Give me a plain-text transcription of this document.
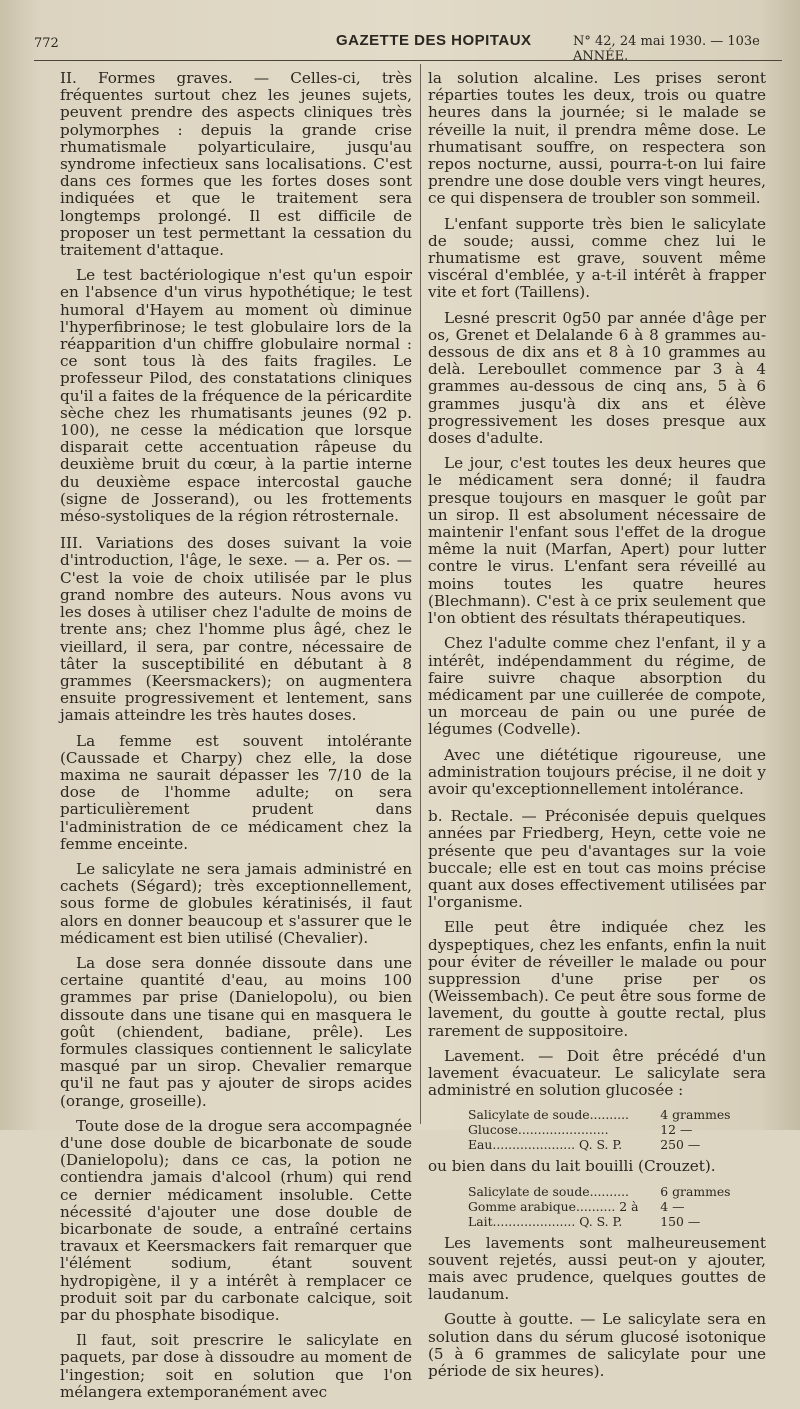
772	GAZETTE DES HOPITAUX	N° 42, 24 mai 1930. — 103e ANNÉE.

II. Formes graves. — Celles-ci, très fréquentes surtout chez les jeunes sujets, peuvent prendre des aspects cliniques très polymorphes : depuis la grande crise rhumatismale polyarticulaire, jusqu'au syndrome infectieux sans localisations. C'est dans ces formes que les fortes doses sont indiquées et que le traitement sera longtemps prolongé. Il est difficile de proposer un test permettant la cessation du traitement d'attaque.

Le test bactériologique n'est qu'un espoir en l'absence d'un virus hypothétique; le test humoral d'Hayem au moment où diminue l'hyperfibrinose; le test globulaire lors de la réapparition d'un chiffre globulaire normal : ce sont tous là des faits fragiles. Le professeur Pilod, des constatations cliniques qu'il a faites de la fréquence de la péricardite sèche chez les rhumatisants jeunes (92 p. 100), ne cesse la médication que lorsque disparait cette accentuation râpeuse du deuxième bruit du cœur, à la partie interne du deuxième espace intercostal gauche (signe de Josserand), ou les frottements méso-systoliques de la région rétrosternale.

III. Variations des doses suivant la voie d'introduction, l'âge, le sexe. — a. Per os. — C'est la voie de choix utilisée par le plus grand nombre des auteurs. Nous avons vu les doses à utiliser chez l'adulte de moins de trente ans; chez l'homme plus âgé, chez le vieillard, il sera, par contre, nécessaire de tâter la susceptibilité en débutant à 8 grammes (Keersmackers); on augmentera ensuite progressivement et lentement, sans jamais atteindre les très hautes doses.

La femme est souvent intolérante (Caussade et Charpy) chez elle, la dose maxima ne saurait dépasser les 7/10 de la dose de l'homme adulte; on sera particulièrement prudent dans l'administration de ce médicament chez la femme enceinte.

Le salicylate ne sera jamais administré en cachets (Ségard); très exceptionnellement, sous forme de globules kératinisés, il faut alors en donner beaucoup et s'assurer que le médicament est bien utilisé (Chevalier).

La dose sera donnée dissoute dans une certaine quantité d'eau, au moins 100 grammes par prise (Danielopolu), ou bien dissoute dans une tisane qui en masquera le goût (chiendent, badiane, prêle). Les formules classiques contiennent le salicylate masqué par un sirop. Chevalier remarque qu'il ne faut pas y ajouter de sirops acides (orange, groseille).

Toute dose de la drogue sera accompagnée d'une dose double de bicarbonate de soude (Danielopolu); dans ce cas, la potion ne contiendra jamais d'alcool (rhum) qui rend ce dernier médicament insoluble. Cette nécessité d'ajouter une dose double de bicarbonate de soude, a entraîné certains travaux et Keersmackers fait remarquer que l'élément sodium, étant souvent hydropigène, il y a intérêt à remplacer ce produit soit par du carbonate calcique, soit par du phosphate bisodique.

Il faut, soit prescrire le salicylate en paquets, par dose à dissoudre au moment de l'ingestion; soit en solution que l'on mélangera extemporanément avec

la solution alcaline. Les prises seront réparties toutes les deux, trois ou quatre heures dans la journée; si le malade se réveille la nuit, il prendra même dose. Le rhumatisant souffre, on respectera son repos nocturne, aussi, pourra-t-on lui faire prendre une dose double vers vingt heures, ce qui dispensera de troubler son sommeil.

L'enfant supporte très bien le salicylate de soude; aussi, comme chez lui le rhumatisme est grave, souvent même viscéral d'emblée, y a-t-il intérêt à frapper vite et fort (Taillens).

Lesné prescrit 0g50 par année d'âge per os, Grenet et Delalande 6 à 8 grammes au-dessous de dix ans et 8 à 10 grammes au delà. Lereboullet commence par 3 à 4 grammes au-dessous de cinq ans, 5 à 6 grammes jusqu'à dix ans et élève progressivement les doses presque aux doses d'adulte.

Le jour, c'est toutes les deux heures que le médicament sera donné; il faudra presque toujours en masquer le goût par un sirop. Il est absolument nécessaire de maintenir l'enfant sous l'effet de la drogue même la nuit (Marfan, Apert) pour lutter contre le virus. L'enfant sera réveillé au moins toutes les quatre heures (Blechmann). C'est à ce prix seulement que l'on obtient des résultats thérapeutiques.

Chez l'adulte comme chez l'enfant, il y a intérêt, indépendamment du régime, de faire suivre chaque absorption du médicament par une cuillerée de compote, un morceau de pain ou une purée de légumes (Codvelle).

Avec une diététique rigoureuse, une administration toujours précise, il ne doit y avoir qu'exceptionnellement intolérance.

b. Rectale. — Préconisée depuis quelques années par Friedberg, Heyn, cette voie ne présente que peu d'avantages sur la voie buccale; elle est en tout cas moins précise quant aux doses effectivement utilisées par l'organisme.

Elle peut être indiquée chez les dyspeptiques, chez les enfants, enfin la nuit pour éviter de réveiller le malade ou pour suppression d'une prise per os (Weissembach). Ce peut être sous forme de lavement, du goutte à goutte rectal, plus rarement de suppositoire.

Lavement. — Doit être précédé d'un lavement évacuateur. Le salicylate sera administré en solution glucosée :

Salicylate de soude..........	4 grammes
Glucose.......................	12 —
Eau..................... Q. S. P.	250 —

ou bien dans du lait bouilli (Crouzet).

Salicylate de soude..........	6 grammes
Gomme arabique.......... 2 à	4 —
Lait..................... Q. S. P.	150 —

Les lavements sont malheureusement souvent rejetés, aussi peut-on y ajouter, mais avec prudence, quelques gouttes de laudanum.

Goutte à goutte. — Le salicylate sera en solution dans du sérum glucosé isotonique (5 à 6 grammes de salicylate pour une période de six heures).
